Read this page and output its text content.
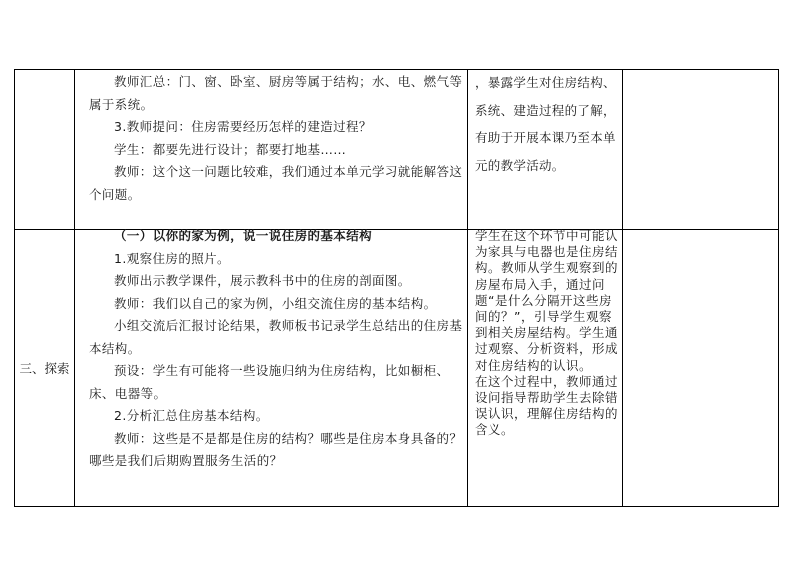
教师汇总：门、窗、卧室、厨房等属于结构；水、电、燃气等属于系统。

3.教师提问：住房需要经历怎样的建造过程？

学生：都要先进行设计；都要打地基……

教师：这个这一问题比较难，我们通过本单元学习就能解答这个问题。

，暴露学生对住房结构、系统、建造过程的了解，有助于开展本课乃至本单元的教学活动。

三、探索

（一）以你的家为例，说一说住房的基本结构

1.观察住房的照片。

教师出示教学课件，展示教科书中的住房的剖面图。

教师：我们以自己的家为例，小组交流住房的基本结构。

小组交流后汇报讨论结果，教师板书记录学生总结出的住房基本结构。

预设：学生有可能将一些设施归纳为住房结构，比如橱柜、床、电器等。

2.分析汇总住房基本结构。

教师：这些是不是都是住房的结构？哪些是住房本身具备的？哪些是我们后期购置服务生活的？

学生在这个环节中可能认为家具与电器也是住房结构。教师从学生观察到的房屋布局入手，通过问题“是什么分隔开这些房间的？”，引导学生观察到相关房屋结构。学生通过观察、分析资料，形成对住房结构的认识。

在这个过程中，教师通过设问指导帮助学生去除错误认识，理解住房结构的含义。
